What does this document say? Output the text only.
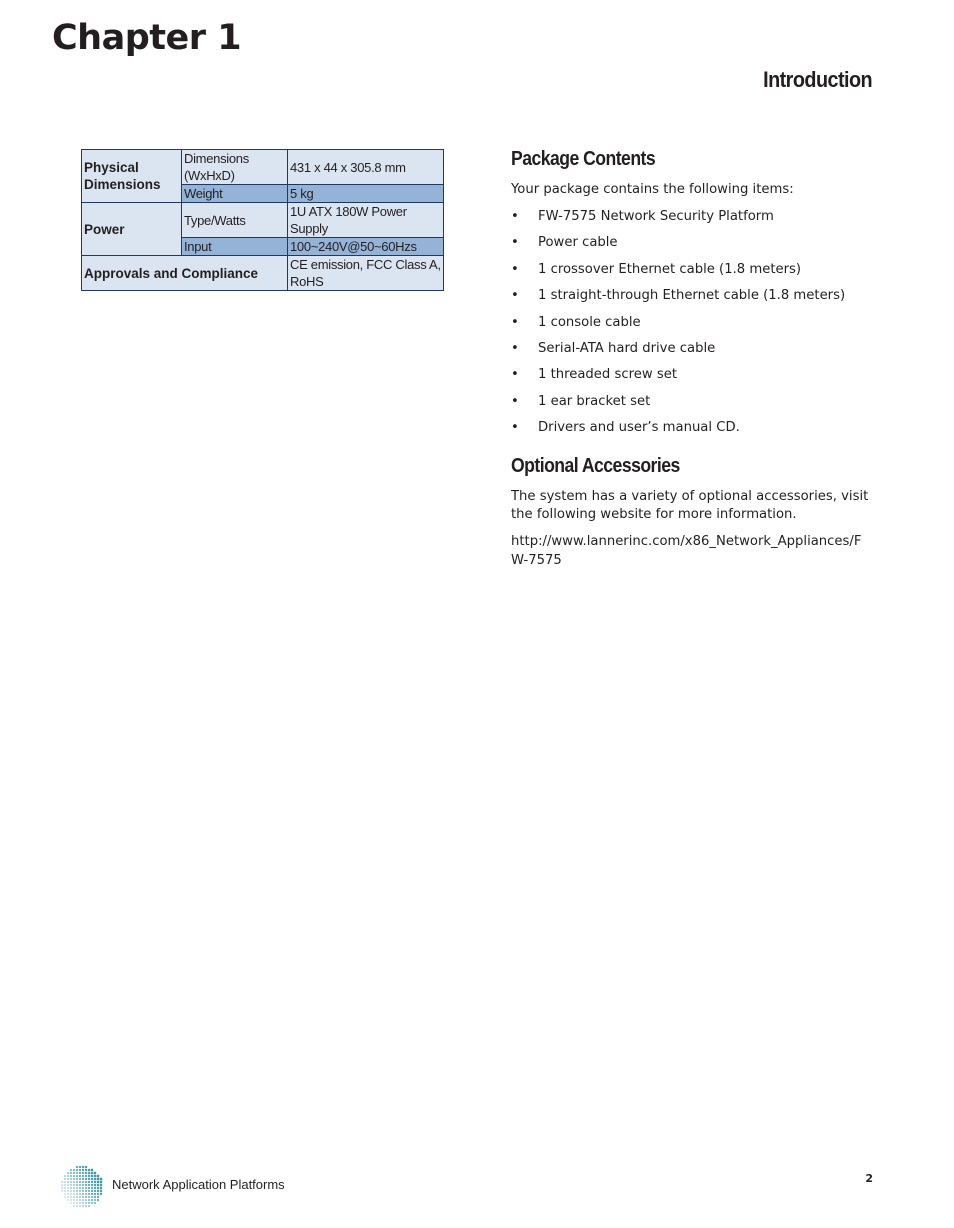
Chapter 1
Introduction
Physical Dimensions	Dimensions (WxHxD)	431 x 44 x 305.8 mm
	Weight	5 kg
Power	Type/Watts	1U ATX 180W Power Supply
	Input	100~240V@50~60Hzs
Approvals and Compliance		CE emission, FCC Class A, RoHS
Package Contents

Your package contains the following items:

• FW-7575 Network Security Platform
• Power cable
• 1 crossover Ethernet cable (1.8 meters)
• 1 straight-through Ethernet cable (1.8 meters)
• 1 console cable
• Serial-ATA hard drive cable
• 1 threaded screw set
• 1 ear bracket set
• Drivers and user’s manual CD.
Optional Accessories

The system has a variety of optional accessories, visit the following website for more information.

http://www.lannerinc.com/x86_Network_Appliances/FW-7575

Network Application Platforms	2
